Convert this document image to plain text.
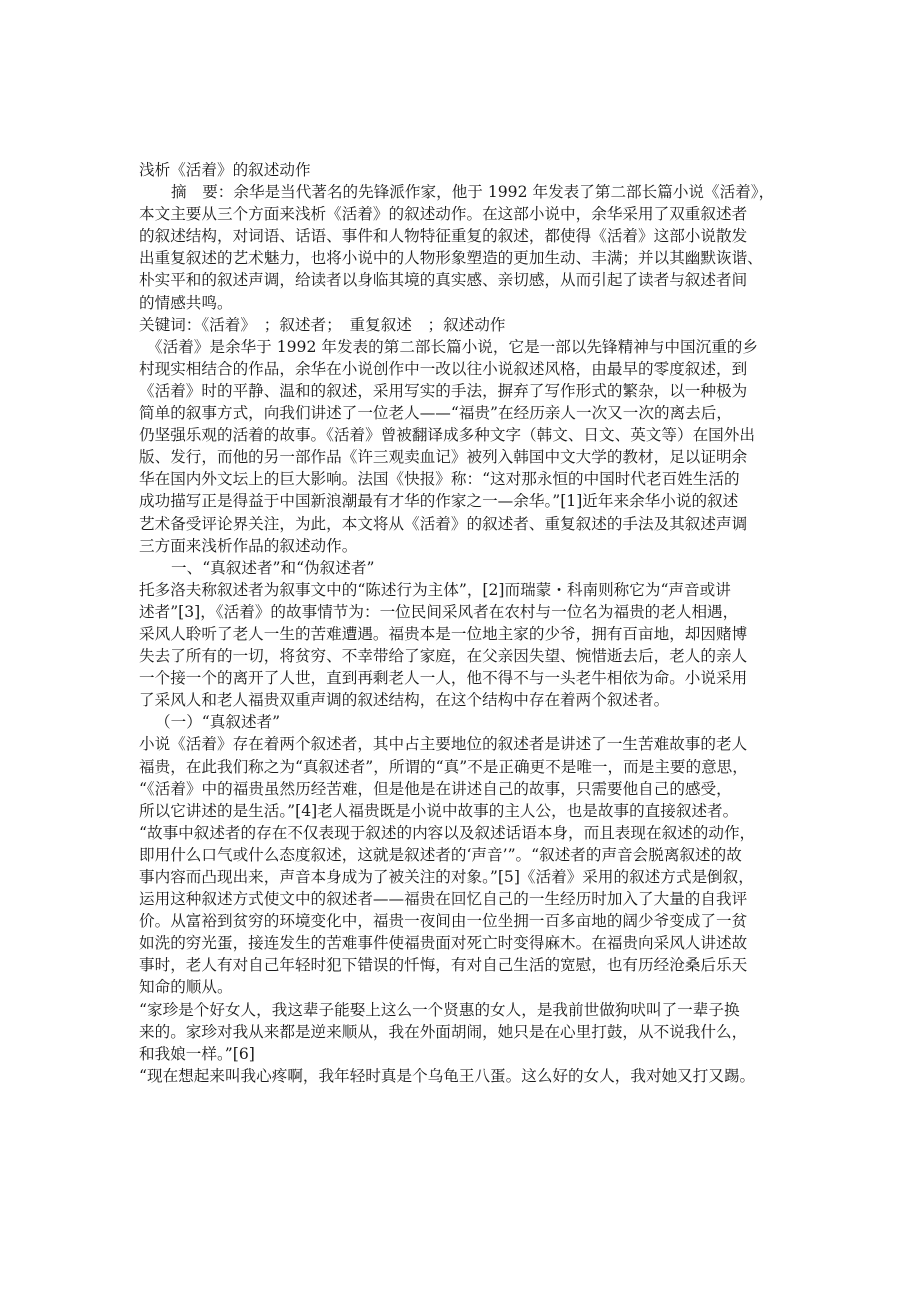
浅析《活着》的叙述动作
摘　要：余华是当代著名的先锋派作家，他于 1992 年发表了第二部长篇小说《活着》，
本文主要从三个方面来浅析《活着》的叙述动作。在这部小说中，余华采用了双重叙述者
的叙述结构，对词语、话语、事件和人物特征重复的叙述，都使得《活着》这部小说散发
出重复叙述的艺术魅力，也将小说中的人物形象塑造的更加生动、丰满；并以其幽默诙谐、
朴实平和的叙述声调，给读者以身临其境的真实感、亲切感，从而引起了读者与叙述者间
的情感共鸣。
关键词：《活着》　；叙述者；　重复叙述　；叙述动作
《活着》是余华于 1992 年发表的第二部长篇小说，它是一部以先锋精神与中国沉重的乡
村现实相结合的作品，余华在小说创作中一改以往小说叙述风格，由最早的零度叙述，到
《活着》时的平静、温和的叙述，采用写实的手法，摒弃了写作形式的繁杂，以一种极为
简单的叙事方式，向我们讲述了一位老人——“福贵”在经历亲人一次又一次的离去后，
仍坚强乐观的活着的故事。《活着》曾被翻译成多种文字（韩文、日文、英文等）在国外出
版、发行，而他的另一部作品《许三观卖血记》被列入韩国中文大学的教材，足以证明余
华在国内外文坛上的巨大影响。法国《快报》称：“这对那永恒的中国时代老百姓生活的
成功描写正是得益于中国新浪潮最有才华的作家之一—余华。”[1]近年来余华小说的叙述
艺术备受评论界关注，为此，本文将从《活着》的叙述者、重复叙述的手法及其叙述声调
三方面来浅析作品的叙述动作。
一、“真叙述者”和“伪叙述者”
托多洛夫称叙述者为叙事文中的“陈述行为主体”，[2]而瑞蒙・科南则称它为“声音或讲
述者”[3]，《活着》的故事情节为：一位民间采风者在农村与一位名为福贵的老人相遇，
采风人聆听了老人一生的苦难遭遇。福贵本是一位地主家的少爷，拥有百亩地，却因赌博
失去了所有的一切，将贫穷、不幸带给了家庭，在父亲因失望、惋惜逝去后，老人的亲人
一个接一个的离开了人世，直到再剩老人一人，他不得不与一头老牛相依为命。小说采用
了采风人和老人福贵双重声调的叙述结构，在这个结构中存在着两个叙述者。
（一）“真叙述者”
小说《活着》存在着两个叙述者，其中占主要地位的叙述者是讲述了一生苦难故事的老人
福贵，在此我们称之为“真叙述者”，所谓的“真”不是正确更不是唯一，而是主要的意思，
“《活着》中的福贵虽然历经苦难，但是他是在讲述自己的故事，只需要他自己的感受，
所以它讲述的是生活。”[4]老人福贵既是小说中故事的主人公，也是故事的直接叙述者。
“故事中叙述者的存在不仅表现于叙述的内容以及叙述话语本身，而且表现在叙述的动作，
即用什么口气或什么态度叙述，这就是叙述者的‘声音’”。“叙述者的声音会脱离叙述的故
事内容而凸现出来，声音本身成为了被关注的对象。”[5]《活着》采用的叙述方式是倒叙，
运用这种叙述方式使文中的叙述者——福贵在回忆自己的一生经历时加入了大量的自我评
价。从富裕到贫穷的环境变化中，福贵一夜间由一位坐拥一百多亩地的阔少爷变成了一贫
如洗的穷光蛋，接连发生的苦难事件使福贵面对死亡时变得麻木。在福贵向采风人讲述故
事时，老人有对自己年轻时犯下错误的忏悔，有对自己生活的宽慰，也有历经沧桑后乐天
知命的顺从。
“家珍是个好女人，我这辈子能娶上这么一个贤惠的女人，是我前世做狗吠叫了一辈子换
来的。家珍对我从来都是逆来顺从，我在外面胡闹，她只是在心里打鼓，从不说我什么，
和我娘一样。”[6]
“现在想起来叫我心疼啊，我年轻时真是个乌龟王八蛋。这么好的女人，我对她又打又踢。
